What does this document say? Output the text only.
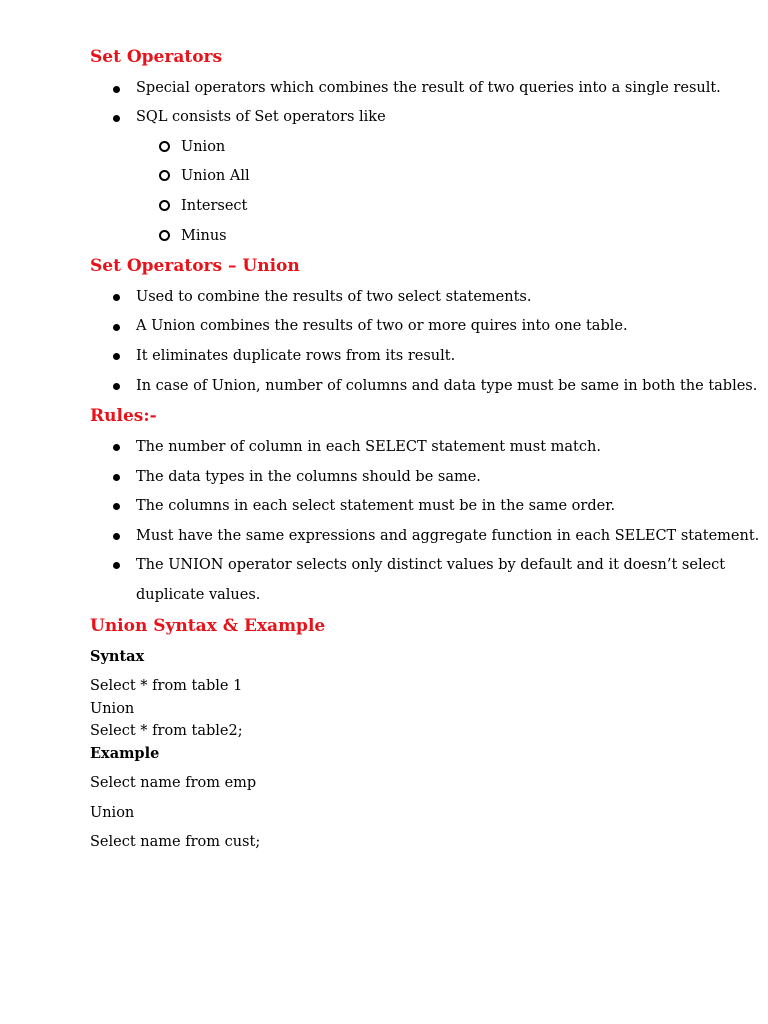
Set Operators
Special operators which combines the result of two queries into a single result.
SQL consists of Set operators like
Union
Union All
Intersect
Minus
Set Operators – Union
Used to combine the results of two select statements.
A Union combines the results of two or more quires into one table.
It eliminates duplicate rows from its result.
In case of Union, number of columns and data type must be same in both the tables.
Rules:-
The number of column in each SELECT statement must match.
The data types in the columns should be same.
The columns in each select statement must be in the same order.
Must have the same expressions and aggregate function in each SELECT statement.
The UNION operator selects only distinct values by default and it doesn’t select
duplicate values.
Union Syntax & Example
Syntax
Select * from table 1
Union
Select * from table2;
Example
Select name from emp
Union
Select name from cust;
